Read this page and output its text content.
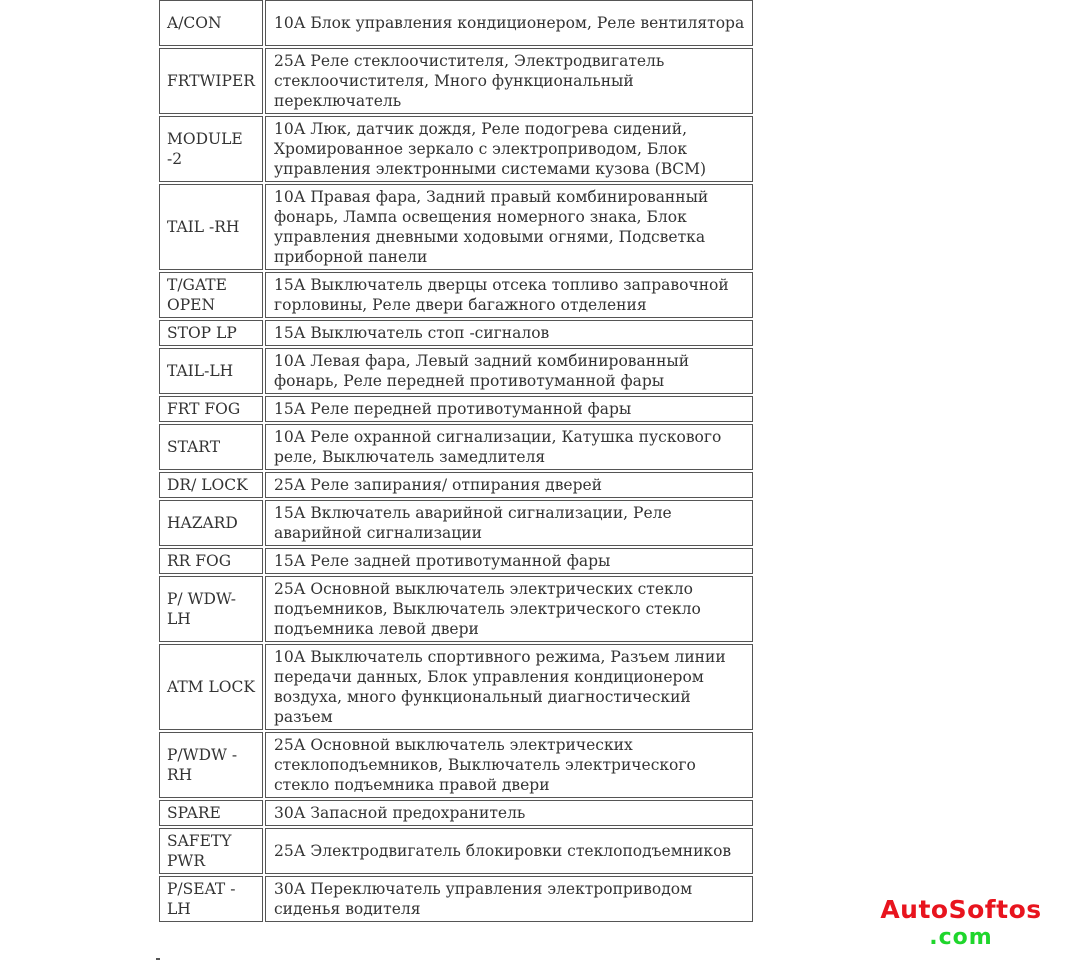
A/CON	10А Блок управления кондиционером, Реле вентилятора
FRTWIPER	25А Реле стеклоочистителя, Электродвигатель стеклоочистителя, Много функциональный переключатель
MODULE -2	10А Люк, датчик дождя, Реле подогрева сидений, Хромированное зеркало с электроприводом, Блок управления электронными системами кузова (ВСМ)
TAIL -RH	10А Правая фара, Задний правый комбинированный фонарь, Лампа освещения номерного знака, Блок управления дневными ходовыми огнями, Подсветка приборной панели
T/GATE OPEN	15А Выключатель дверцы отсека топливо заправочной горловины, Реле двери багажного отделения
STOP LP	15А Выключатель стоп -сигналов
TAIL-LH	10А Левая фара, Левый задний комбинированный фонарь, Реле передней противотуманной фары
FRT FOG	15А Реле передней противотуманной фары
START	10А Реле охранной сигнализации, Катушка пускового реле, Выключатель замедлителя
DR/ LOCK	25А Реле запирания/ отпирания дверей
HAZARD	15А Включатель аварийной сигнализации, Реле аварийной сигнализации
RR FOG	15А Реле задней противотуманной фары
P/ WDW-LH	25А Основной выключатель электрических стекло подъемников, Выключатель электрического стекло подъемника левой двери
ATM LOCK	10А Выключатель спортивного режима, Разъем линии передачи данных, Блок управления кондиционером воздуха, много функциональный диагностический разъем
P/WDW -RH	25А Основной выключатель электрических стеклоподъемников, Выключатель электрического стекло подъемника правой двери
SPARE	30А Запасной предохранитель
SAFETY PWR	25А Электродвигатель блокировки стеклоподъемников
P/SEAT -LH	30А Переключатель управления электроприводом сиденья водителя	AutoSoftos
.com
